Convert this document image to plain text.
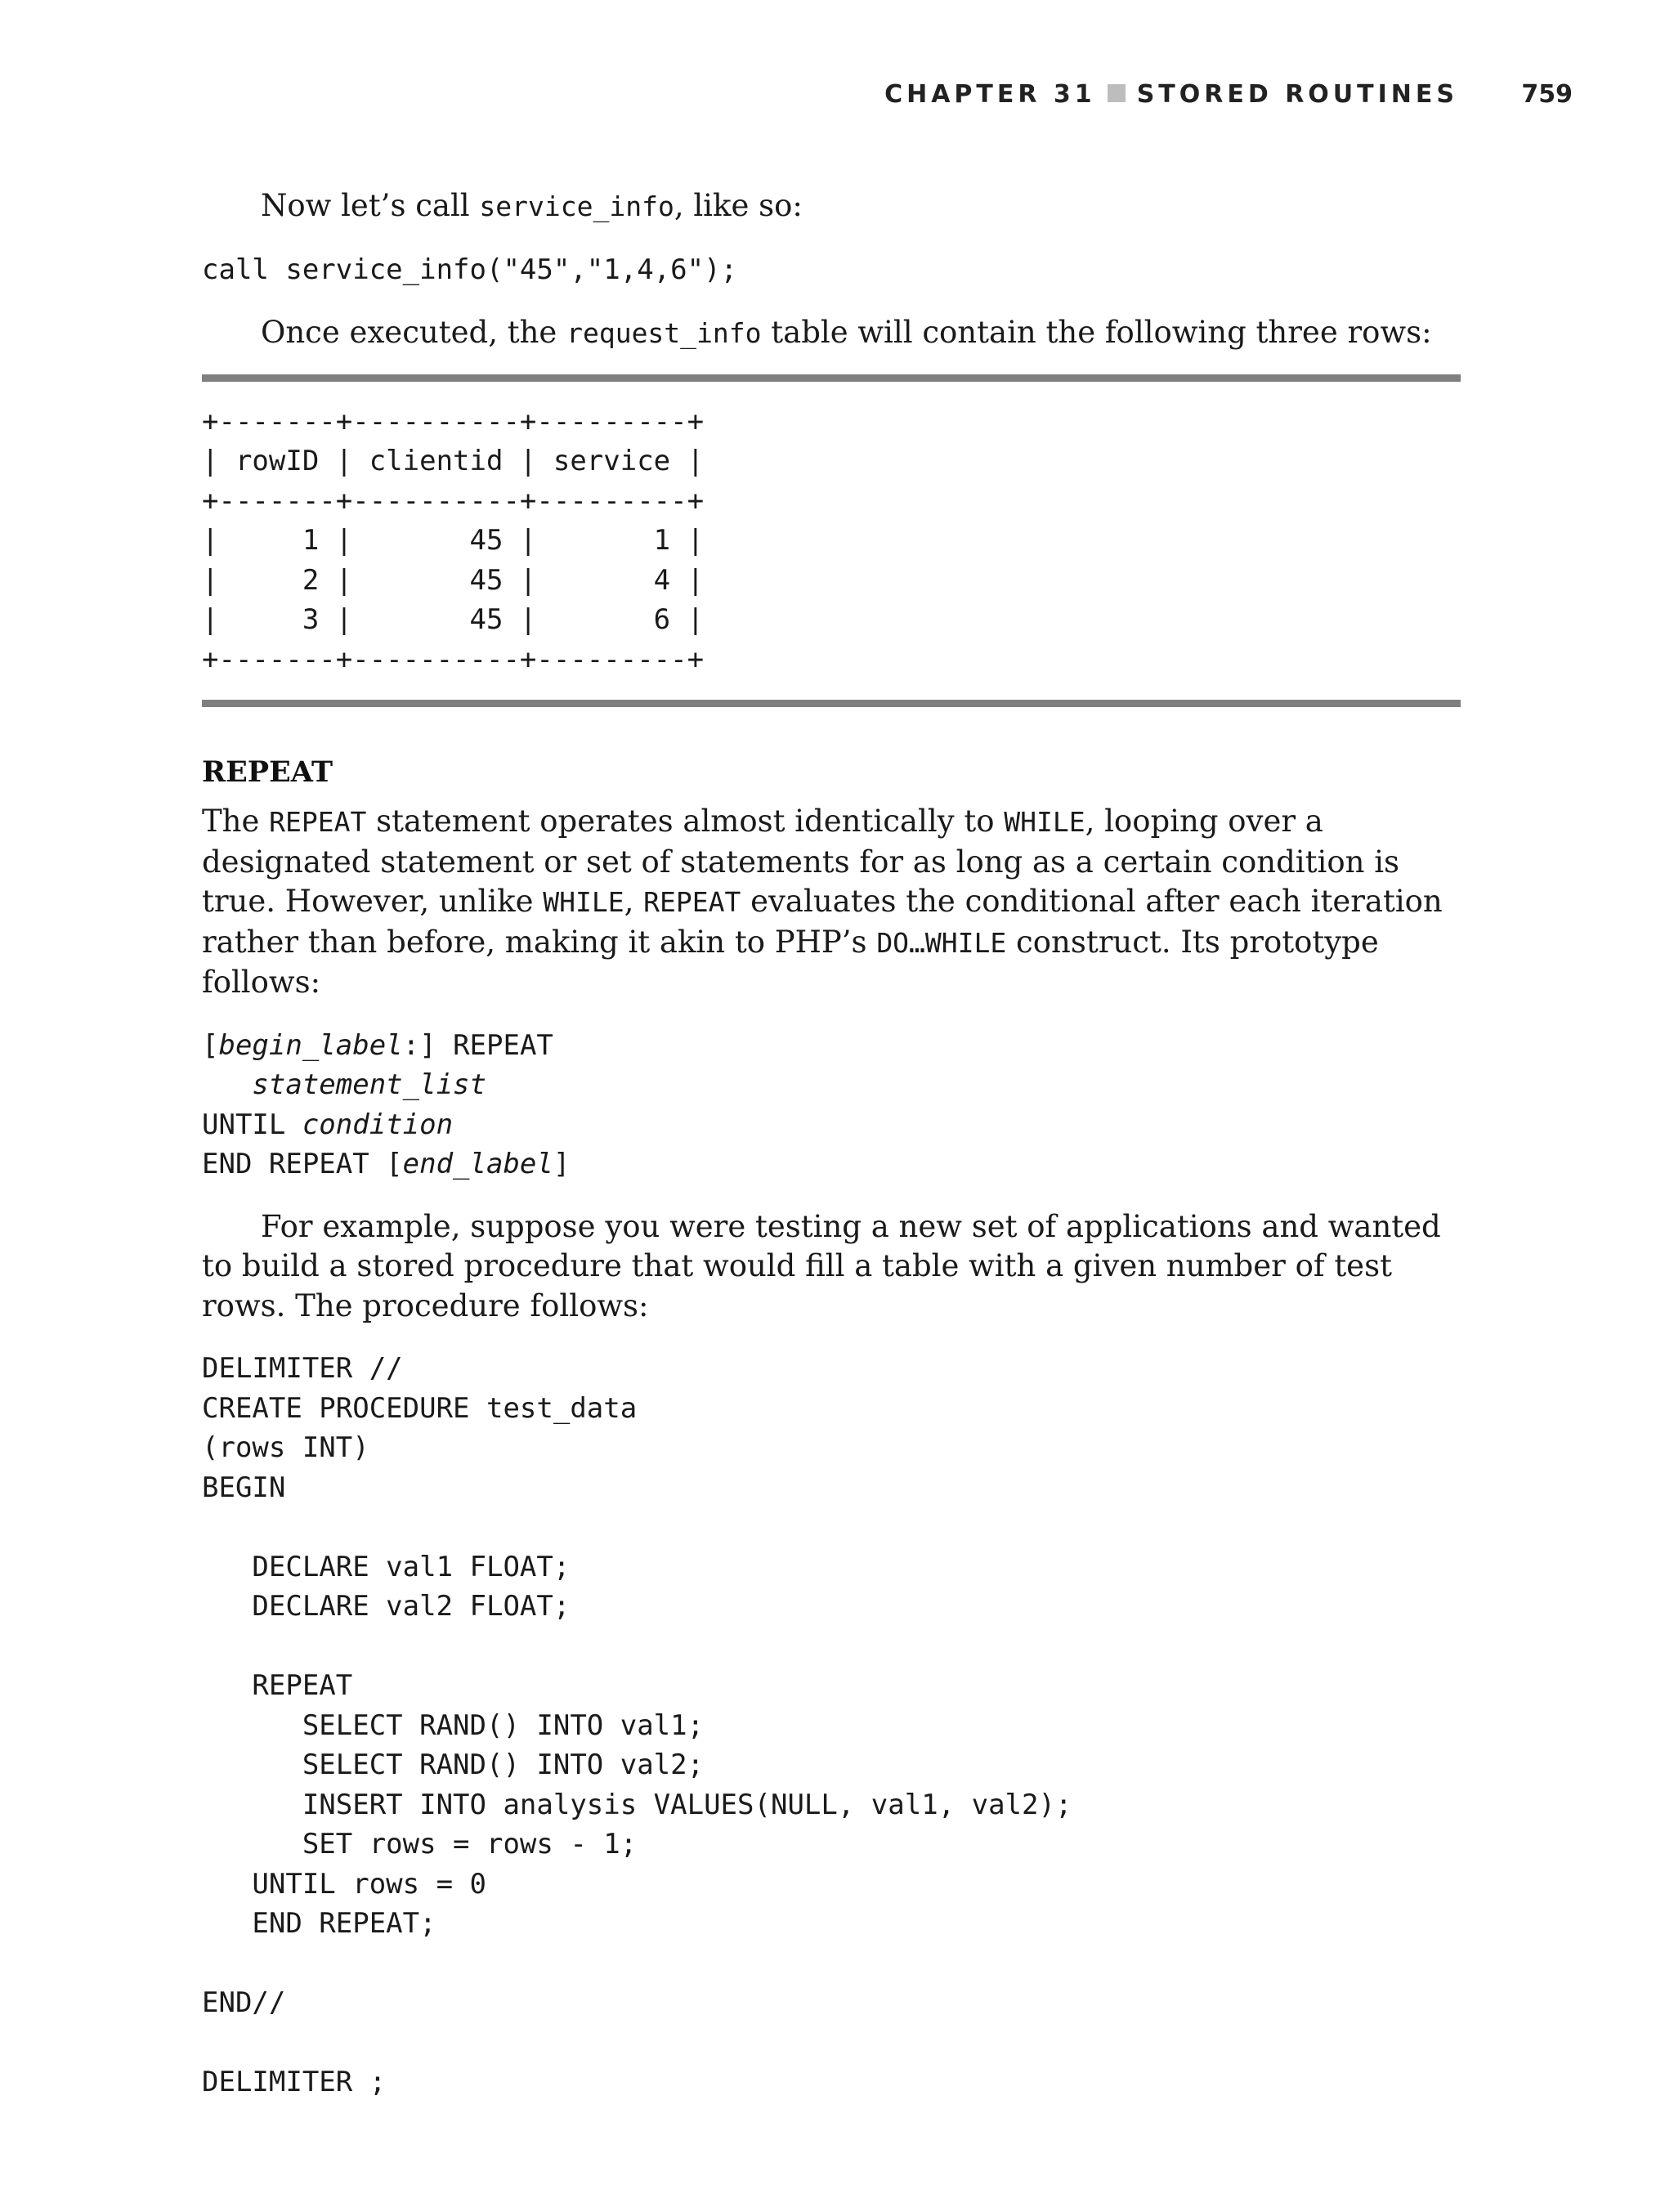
CHAPTER 31 STORED ROUTINES	759

Now let’s call service_info, like so:

call service_info("45","1,4,6");

Once executed, the request_info table will contain the following three rows:

+-------+----------+---------+
| rowID | clientid | service |
+-------+----------+---------+
|     1 |       45 |       1 |
|     2 |       45 |       4 |
|     3 |       45 |       6 |
+-------+----------+---------+
REPEAT

The REPEAT statement operates almost identically to WHILE, looping over a designated statement or set of statements for as long as a certain condition is true. However, unlike WHILE, REPEAT evaluates the conditional after each iteration rather than before, making it akin to PHP’s DO…WHILE construct. Its prototype follows:

[begin_label:] REPEAT
statement_list
UNTIL condition
END REPEAT [end_label]

For example, suppose you were testing a new set of applications and wanted to build a stored procedure that would fill a table with a given number of test rows. The procedure follows:

DELIMITER //
CREATE PROCEDURE test_data
(rows INT)
BEGIN

DECLARE val1 FLOAT;
DECLARE val2 FLOAT;

REPEAT
SELECT RAND() INTO val1;
SELECT RAND() INTO val2;
INSERT INTO analysis VALUES(NULL, val1, val2);
SET rows = rows - 1;
UNTIL rows = 0
END REPEAT;

END//

DELIMITER ;
